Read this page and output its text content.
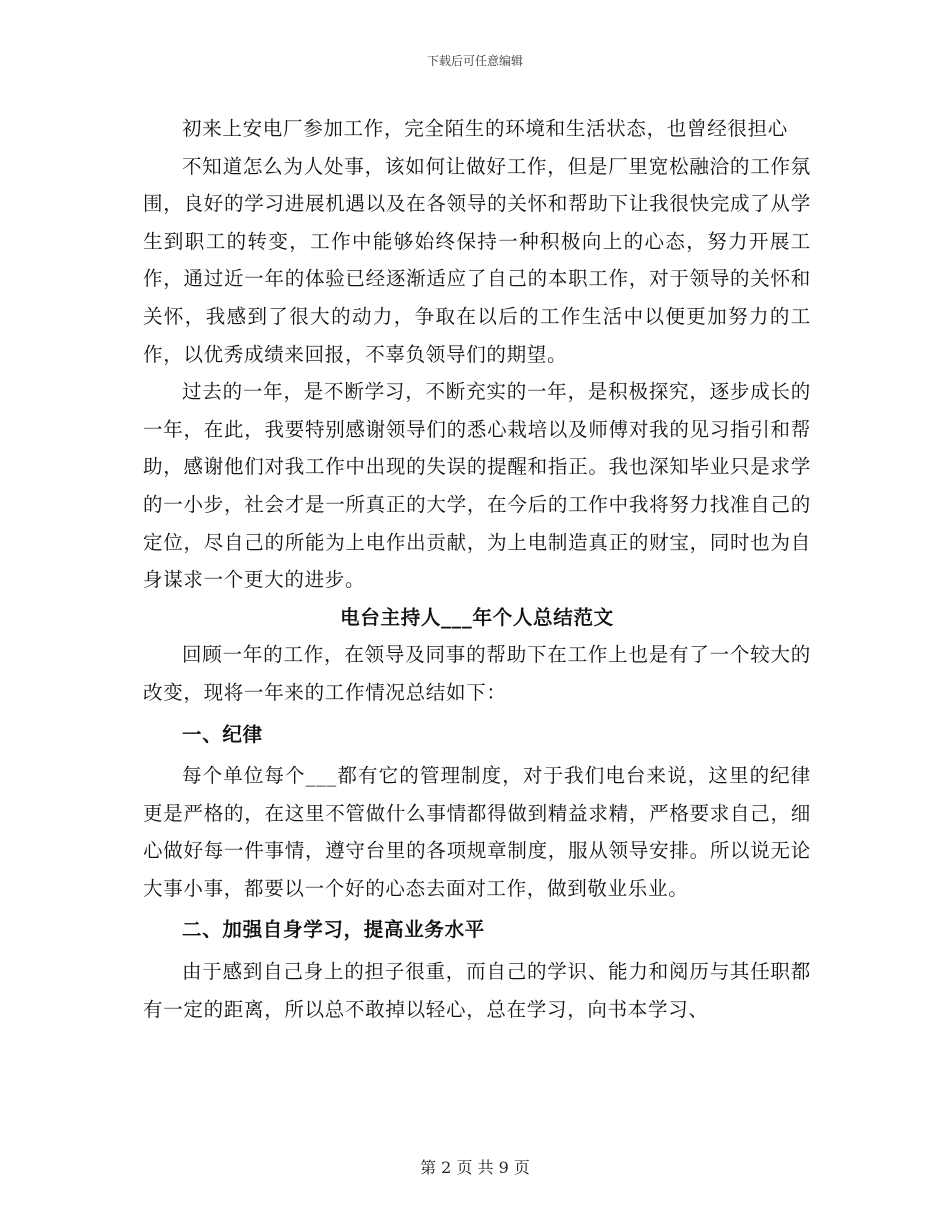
下载后可任意编辑

初来上安电厂参加工作，完全陌生的环境和生活状态，也曾经很担心

不知道怎么为人处事，该如何让做好工作，但是厂里宽松融洽的工作氛围，良好的学习进展机遇以及在各领导的关怀和帮助下让我很快完成了从学生到职工的转变，工作中能够始终保持一种积极向上的心态，努力开展工作，通过近一年的体验已经逐渐适应了自己的本职工作，对于领导的关怀和关怀，我感到了很大的动力，争取在以后的工作生活中以便更加努力的工作，以优秀成绩来回报，不辜负领导们的期望。

过去的一年，是不断学习，不断充实的一年，是积极探究，逐步成长的一年，在此，我要特别感谢领导们的悉心栽培以及师傅对我的见习指引和帮助，感谢他们对我工作中出现的失误的提醒和指正。我也深知毕业只是求学的一小步，社会才是一所真正的大学，在今后的工作中我将努力找准自己的定位，尽自己的所能为上电作出贡献，为上电制造真正的财宝，同时也为自身谋求一个更大的进步。

电台主持人___年个人总结范文

回顾一年的工作，在领导及同事的帮助下在工作上也是有了一个较大的改变，现将一年来的工作情况总结如下：

一、纪律

每个单位每个___都有它的管理制度，对于我们电台来说，这里的纪律更是严格的，在这里不管做什么事情都得做到精益求精，严格要求自己，细心做好每一件事情，遵守台里的各项规章制度，服从领导安排。所以说无论大事小事，都要以一个好的心态去面对工作，做到敬业乐业。

二、加强自身学习，提高业务水平

由于感到自己身上的担子很重，而自己的学识、能力和阅历与其任职都有一定的距离，所以总不敢掉以轻心，总在学习，向书本学习、

第 2 页 共 9 页
